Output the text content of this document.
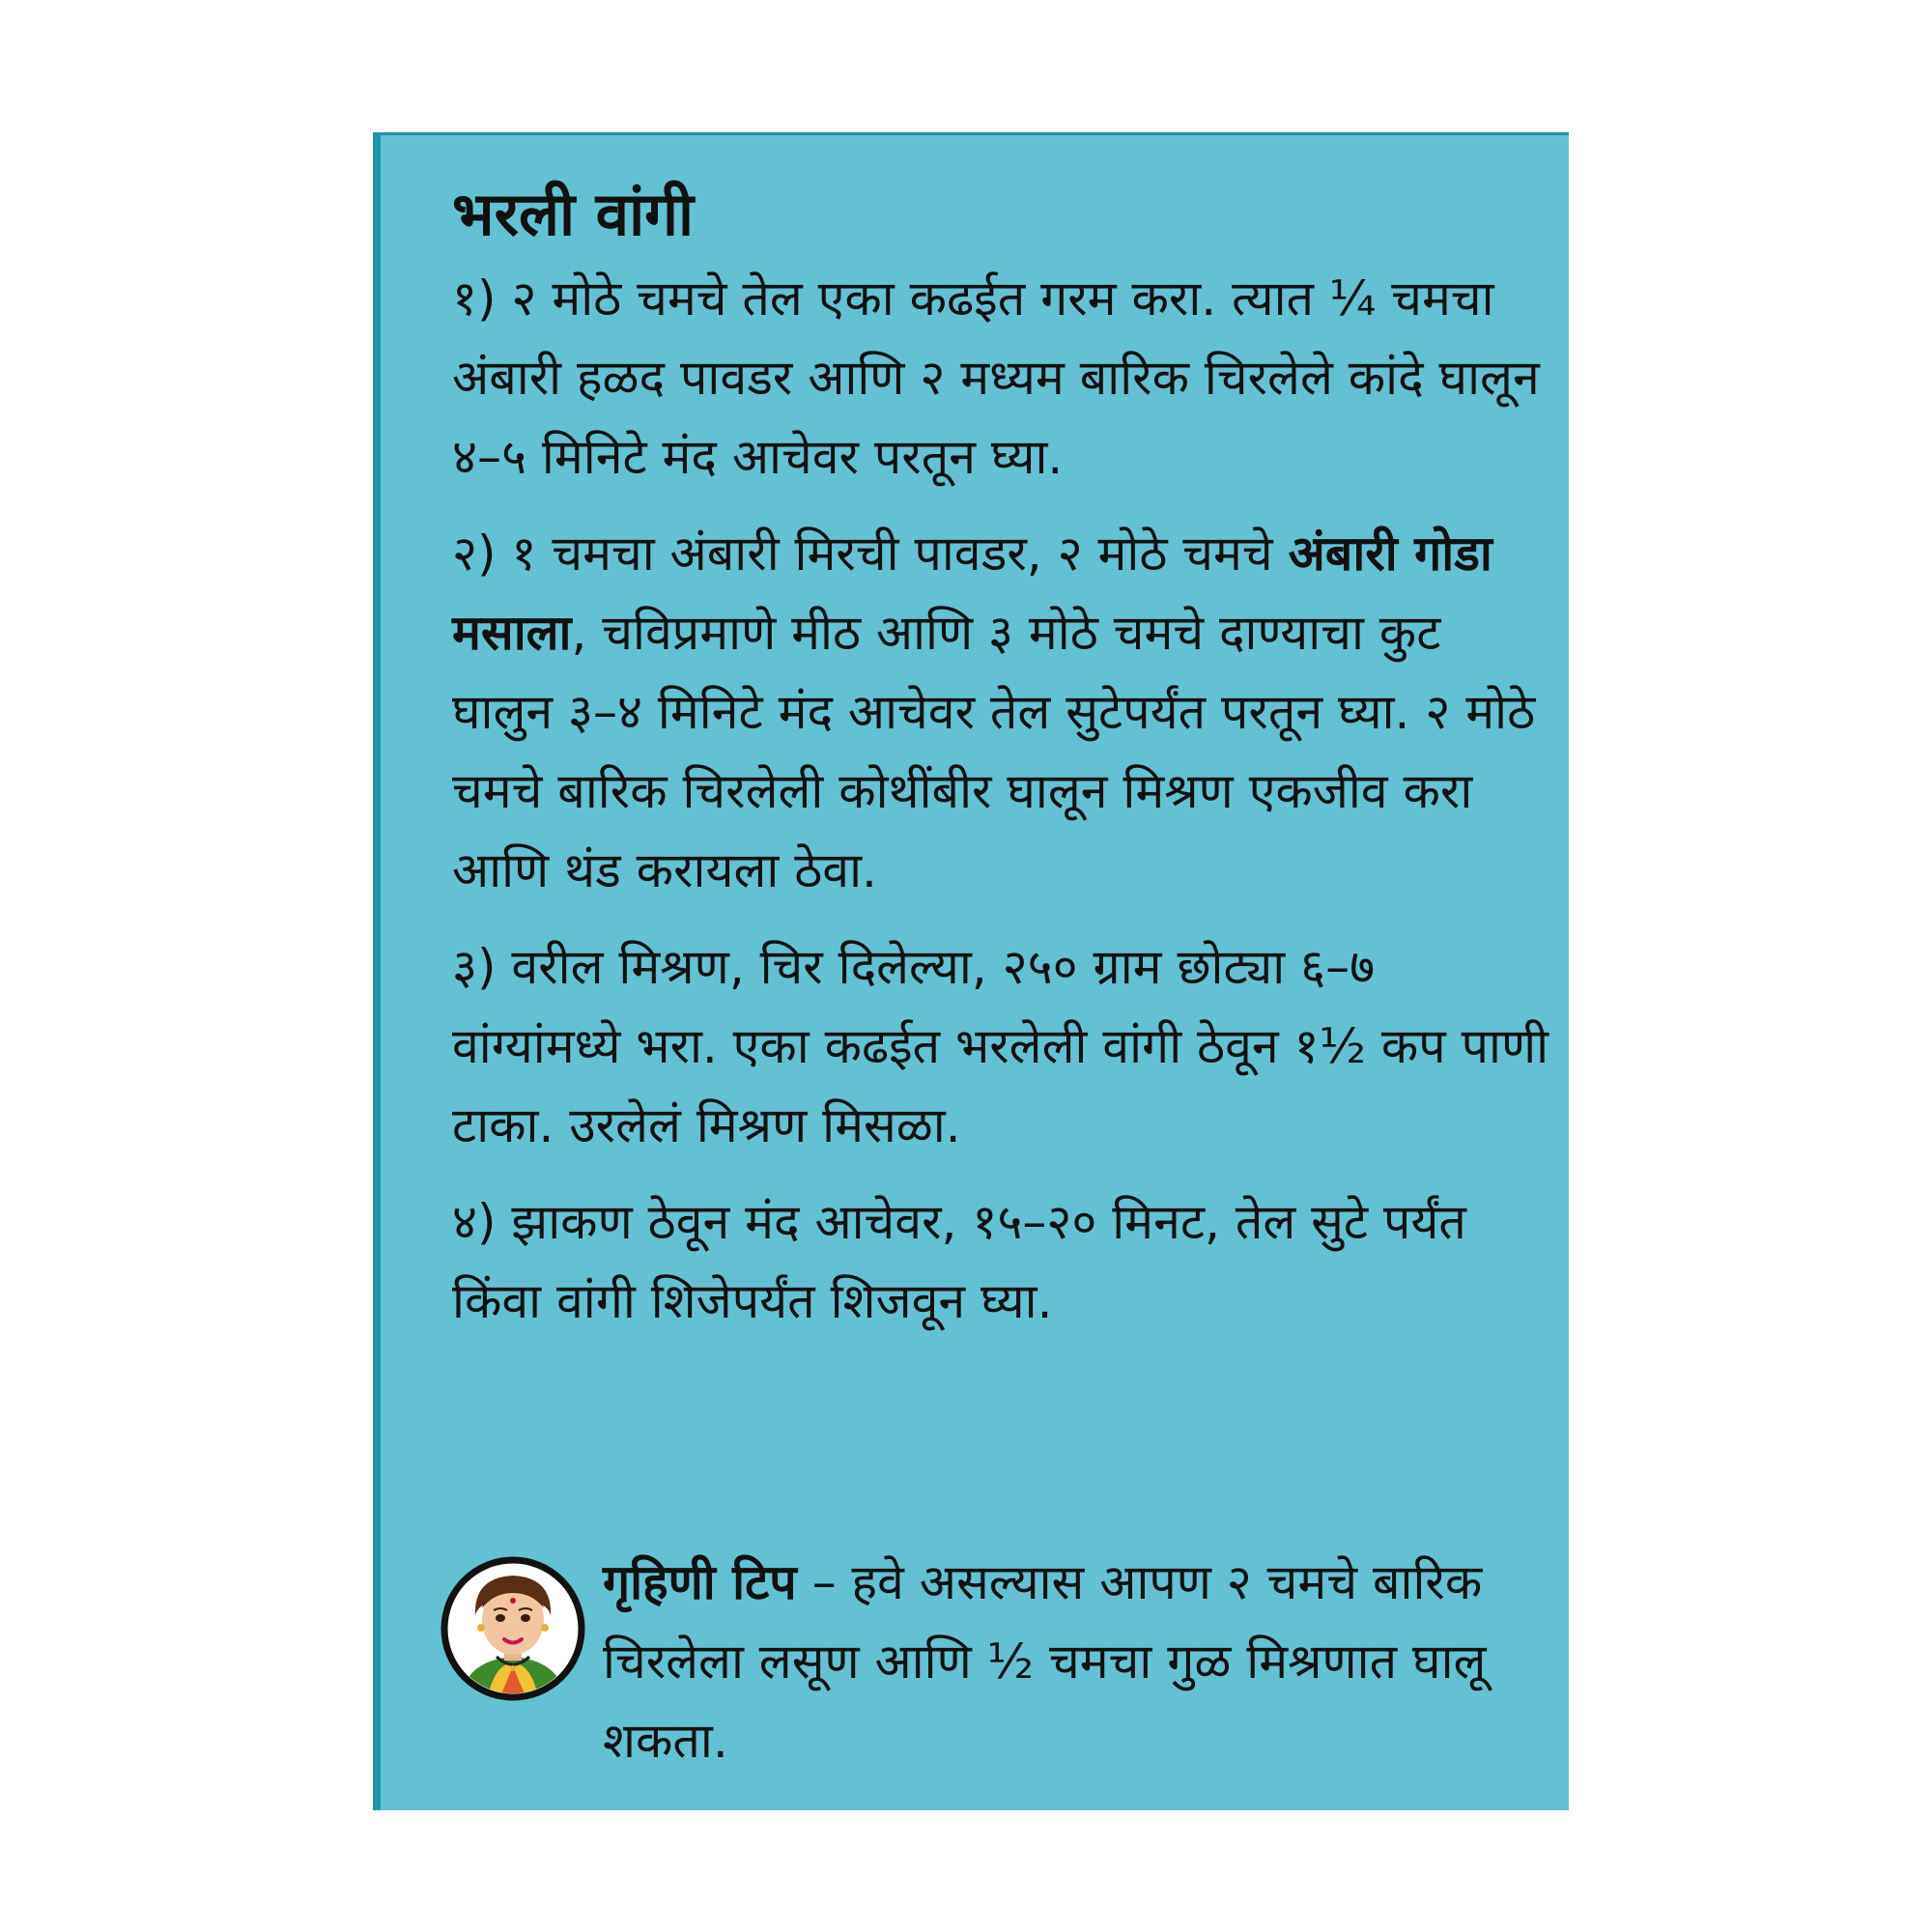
भरली वांगी
१) २ मोठे चमचे तेल एका कढईत गरम करा. त्यात ¼ चमचा अंबारी हळद पावडर आणि २ मध्यम बारिक चिरलेले कांदे घालून ४–५ मिनिटे मंद आचेवर परतून घ्या.
२) १ चमचा अंबारी मिरची पावडर, २ मोठे चमचे अंबारी गोडा मसाला, चविप्रमाणे मीठ आणि ३ मोठे चमचे दाण्याचा कुट घालुन ३–४ मिनिटे मंद आचेवर तेल सुटेपर्यंत परतून घ्या. २ मोठे चमचे बारिक चिरलेली कोथींबीर घालून मिश्रण एकजीव करा आणि थंड करायला ठेवा.
३) वरील मिश्रण, चिर दिलेल्या, २५० ग्राम छोट्या ६–७ वांग्यांमध्ये भरा. एका कढईत भरलेली वांगी ठेवून १½ कप पाणी टाका. उरलेलं मिश्रण मिसळा.
४) झाकण ठेवून मंद आचेवर, १५–२० मिनट, तेल सुटे पर्यंत किंवा वांगी शिजेपर्यंत शिजवून घ्या.
गृहिणी टिप – हवे असल्यास आपण २ चमचे बारिक चिरलेला लसूण आणि ½ चमचा गुळ मिश्रणात घालू शकता.
